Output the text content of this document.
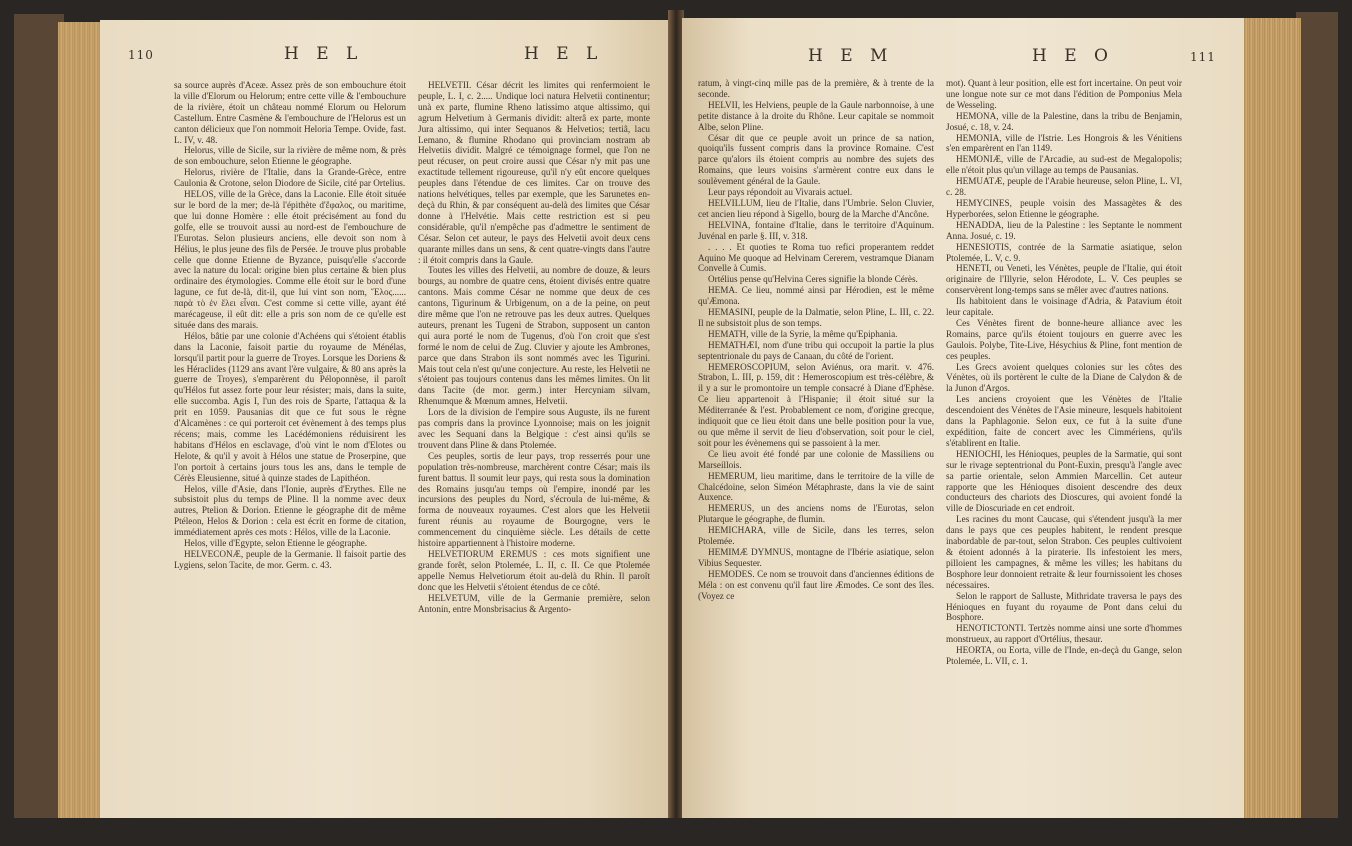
110	H E L	H E L

sa source auprès d'Aceæ. Assez près de son embouchure étoit la ville d'Elorum ou Helorum; entre cette ville & l'embouchure de la rivière, étoit un château nommé Elorum ou Helorum Castellum. Entre Casmène & l'embouchure de l'Helorus est un canton délicieux que l'on nommoit Heloria Tempe. Ovide, fast. L. IV, v. 48.

Helorus, ville de Sicile, sur la rivière de même nom, & près de son embouchure, selon Etienne le géographe.

Helorus, rivière de l'Italie, dans la Grande-Grèce, entre Caulonia & Crotone, selon Diodore de Sicile, cité par Ortelius.

HELOS, ville de la Grèce, dans la Laconie. Elle étoit située sur le bord de la mer; de-là l'épithète d'ἔφαλος, ou maritime, que lui donne Homère : elle étoit précisément au fond du golfe, elle se trouvoit aussi au nord-est de l'embouchure de l'Eurotas. Selon plusieurs anciens, elle devoit son nom à Hélius, le plus jeune des fils de Persée. Je trouve plus probable celle que donne Etienne de Byzance, puisqu'elle s'accorde avec la nature du local: origine bien plus certaine & bien plus ordinaire des étymologies. Comme elle étoit sur le bord d'une lagune, ce fut de-là, dit-il, que lui vint son nom, Ἕλος...... παρὰ τὸ ἐν ἕλει εἶναι. C'est comme si cette ville, ayant été marécageuse, il eût dit: elle a pris son nom de ce qu'elle est située dans des marais.

Hélos, bâtie par une colonie d'Achéens qui s'étoient établis dans la Laconie, faisoit partie du royaume de Ménélas, lorsqu'il partit pour la guerre de Troyes. Lorsque les Doriens & les Héraclides (1129 ans avant l'ère vulgaire, & 80 ans après la guerre de Troyes), s'emparèrent du Péloponnèse, il paroît qu'Hélos fut assez forte pour leur résister; mais, dans la suite, elle succomba. Agis I, l'un des rois de Sparte, l'attaqua & la prit en 1059. Pausanias dit que ce fut sous le règne d'Alcamènes : ce qui porteroit cet évènement à des temps plus récens; mais, comme les Lacédémoniens réduisirent les habitans d'Hélos en esclavage, d'où vint le nom d'Elotes ou Helote, & qu'il y avoit à Hélos une statue de Proserpine, que l'on portoit à certains jours tous les ans, dans le temple de Cérès Eleusienne, situé à quinze stades de Lapithéon.

Helos, ville d'Asie, dans l'Ionie, auprès d'Erythes. Elle ne subsistoit plus du temps de Pline. Il la nomme avec deux autres, Ptelion & Dorion. Etienne le géographe dit de même Ptéleon, Helos & Dorion : cela est écrit en forme de citation, immédiatement après ces mots : Hélos, ville de la Laconie.

Helos, ville d'Egypte, selon Etienne le géographe.

HELVECONÆ, peuple de la Germanie. Il faisoit partie des Lygiens, selon Tacite, de mor. Germ. c. 43.

HELVETII. César décrit les limites qui renfermoient le peuple, L. I, c. 2..... Undique loci natura Helvetii continentur; unà ex parte, flumine Rheno latissimo atque altissimo, qui agrum Helvetium à Germanis dividit: alterâ ex parte, monte Jura altissimo, qui inter Sequanos & Helvetios; tertiâ, lacu Lemano, & flumine Rhodano qui provinciam nostram ab Helvetiis dividit. Malgré ce témoignage formel, que l'on ne peut récuser, on peut croire aussi que César n'y mit pas une exactitude tellement rigoureuse, qu'il n'y eût encore quelques peuples dans l'étendue de ces limites. Car on trouve des nations helvétiques, telles par exemple, que les Sarunetes en-deçà du Rhin, & par conséquent au-delà des limites que César donne à l'Helvétie. Mais cette restriction est si peu considérable, qu'il n'empêche pas d'admettre le sentiment de César. Selon cet auteur, le pays des Helvetii avoit deux cens quarante milles dans un sens, & cent quatre-vingts dans l'autre : il étoit compris dans la Gaule.

Toutes les villes des Helvetii, au nombre de douze, & leurs bourgs, au nombre de quatre cens, étoient divisés entre quatre cantons. Mais comme César ne nomme que deux de ces cantons, Tigurinum & Urbigenum, on a de la peine, on peut dire même que l'on ne retrouve pas les deux autres. Quelques auteurs, prenant les Tugeni de Strabon, supposent un canton qui aura porté le nom de Tugenus, d'où l'on croit que s'est formé le nom de celui de Zug. Cluvier y ajoute les Ambrones, parce que dans Strabon ils sont nommés avec les Tigurini. Mais tout cela n'est qu'une conjecture. Au reste, les Helvetii ne s'étoient pas toujours contenus dans les mêmes limites. On lit dans Tacite (de mor. germ.) inter Hercyniam silvam, Rhenumque & Mœnum amnes, Helvetii.

Lors de la division de l'empire sous Auguste, ils ne furent pas compris dans la province Lyonnoise; mais on les joignit avec les Sequani dans la Belgique : c'est ainsi qu'ils se trouvent dans Pline & dans Ptolemée.

Ces peuples, sortis de leur pays, trop resserrés pour une population très-nombreuse, marchèrent contre César; mais ils furent battus. Il soumit leur pays, qui resta sous la domination des Romains jusqu'au temps où l'empire, inondé par les incursions des peuples du Nord, s'écroula de lui-même, & forma de nouveaux royaumes. C'est alors que les Helvetii furent réunis au royaume de Bourgogne, vers le commencement du cinquième siècle. Les détails de cette histoire appartiennent à l'histoire moderne.

HELVETIORUM EREMUS : ces mots signifient une grande forêt, selon Ptolemée, L. II, c. II. Ce que Ptolemée appelle Nemus Helvetiorum étoit au-delà du Rhin. Il paroît donc que les Helvetii s'étoient étendus de ce côté.

HELVETUM, ville de la Germanie première, selon Antonin, entre Monsbrisacius & Argento-

H E M	H E O	111

ratum, à vingt-cinq mille pas de la première, & à trente de la seconde.

HELVII, les Helviens, peuple de la Gaule narbonnoise, à une petite distance à la droite du Rhône. Leur capitale se nommoit Albe, selon Pline.

César dit que ce peuple avoit un prince de sa nation, quoiqu'ils fussent compris dans la province Romaine. C'est parce qu'alors ils étoient compris au nombre des sujets des Romains, que leurs voisins s'armèrent contre eux dans le soulèvement général de la Gaule.

Leur pays répondoit au Vivarais actuel.

HELVILLUM, lieu de l'Italie, dans l'Umbrie. Selon Cluvier, cet ancien lieu répond à Sigello, bourg de la Marche d'Ancône.

HELVINA, fontaine d'Italie, dans le territoire d'Aquinum. Juvénal en parle §. III, v. 318.

. . . . Et quoties te Roma tuo refici properantem reddet Aquino Me quoque ad Helvinam Cererem, vestramque Dianam Convelle à Cumis.

Ortélius pense qu'Helvina Ceres signifie la blonde Cérès.

HEMA. Ce lieu, nommé ainsi par Hérodien, est le même qu'Æmona.

HEMASINI, peuple de la Dalmatie, selon Pline, L. III, c. 22. Il ne subsistoit plus de son temps.

HEMATH, ville de la Syrie, la même qu'Epiphania.

HEMATHÆI, nom d'une tribu qui occupoit la partie la plus septentrionale du pays de Canaan, du côté de l'orient.

HEMEROSCOPIUM, selon Aviénus, ora marit. v. 476. Strabon, L. III, p. 159, dit : Hemeroscopium est très-célèbre, & il y a sur le promontoire un temple consacré à Diane d'Ephèse. Ce lieu appartenoit à l'Hispanie; il étoit situé sur la Méditerranée & l'est. Probablement ce nom, d'origine grecque, indiquoit que ce lieu étoit dans une belle position pour la vue, ou que même il servit de lieu d'observation, soit pour le ciel, soit pour les évènemens qui se passoient à la mer.

Ce lieu avoit été fondé par une colonie de Massiliens ou Marseillois.

HEMERUM, lieu maritime, dans le territoire de la ville de Chalcédoine, selon Siméon Métaphraste, dans la vie de saint Auxence.

HEMERUS, un des anciens noms de l'Eurotas, selon Plutarque le géographe, de flumin.

HEMICHARA, ville de Sicile, dans les terres, selon Ptolemée.

HEMIMÆ DYMNUS, montagne de l'Ibérie asiatique, selon Vibius Sequester.

HEMODES. Ce nom se trouvoit dans d'anciennes éditions de Méla : on est convenu qu'il faut lire Æmodes. Ce sont des îles. (Voyez ce

mot). Quant à leur position, elle est fort incertaine. On peut voir une longue note sur ce mot dans l'édition de Pomponius Mela de Wesseling.

HEMONA, ville de la Palestine, dans la tribu de Benjamin, Josué, c. 18, v. 24.

HEMONIA, ville de l'Istrie. Les Hongrois & les Vénitiens s'en emparèrent en l'an 1149.

HEMONIÆ, ville de l'Arcadie, au sud-est de Megalopolis; elle n'étoit plus qu'un village au temps de Pausanias.

HEMUATÆ, peuple de l'Arabie heureuse, selon Pline, L. VI, c. 28.

HEMYCINES, peuple voisin des Massagètes & des Hyperborées, selon Etienne le géographe.

HENADDA, lieu de la Palestine : les Septante le nomment Anna. Josué, c. 19.

HENESIOTIS, contrée de la Sarmatie asiatique, selon Ptolemée, L. V, c. 9.

HENETI, ou Veneti, les Vénètes, peuple de l'Italie, qui étoit originaire de l'Illyrie, selon Hérodote, L. V. Ces peuples se conservèrent long-temps sans se mêler avec d'autres nations.

Ils habitoient dans le voisinage d'Adria, & Patavium étoit leur capitale.

Ces Vénètes firent de bonne-heure alliance avec les Romains, parce qu'ils étoient toujours en guerre avec les Gaulois. Polybe, Tite-Live, Hésychius & Pline, font mention de ces peuples.

Les Grecs avoient quelques colonies sur les côtes des Vénètes, où ils portèrent le culte de la Diane de Calydon & de la Junon d'Argos.

Les anciens croyoient que les Vénètes de l'Italie descendoient des Vénètes de l'Asie mineure, lesquels habitoient dans la Paphlagonie. Selon eux, ce fut à la suite d'une expédition, faite de concert avec les Cimmériens, qu'ils s'établirent en Italie.

HENIOCHI, les Hénioques, peuples de la Sarmatie, qui sont sur le rivage septentrional du Pont-Euxin, presqu'à l'angle avec sa partie orientale, selon Ammien Marcellin. Cet auteur rapporte que les Hénioques disoient descendre des deux conducteurs des chariots des Dioscures, qui avoient fondé la ville de Dioscuriade en cet endroit.

Les racines du mont Caucase, qui s'étendent jusqu'à la mer dans le pays que ces peuples habitent, le rendent presque inabordable de par-tout, selon Strabon. Ces peuples cultivoient & étoient adonnés à la piraterie. Ils infestoient les mers, pilloient les campagnes, & même les villes; les habitans du Bosphore leur donnoient retraite & leur fournissoient les choses nécessaires.

Selon le rapport de Salluste, Mithridate traversa le pays des Hénioques en fuyant du royaume de Pont dans celui du Bosphore.

HENOTICTONTI. Tertzès nomme ainsi une sorte d'hommes monstrueux, au rapport d'Ortélius, thesaur.

HEORTA, ou Eorta, ville de l'Inde, en-deçà du Gange, selon Ptolemée, L. VII, c. 1.
